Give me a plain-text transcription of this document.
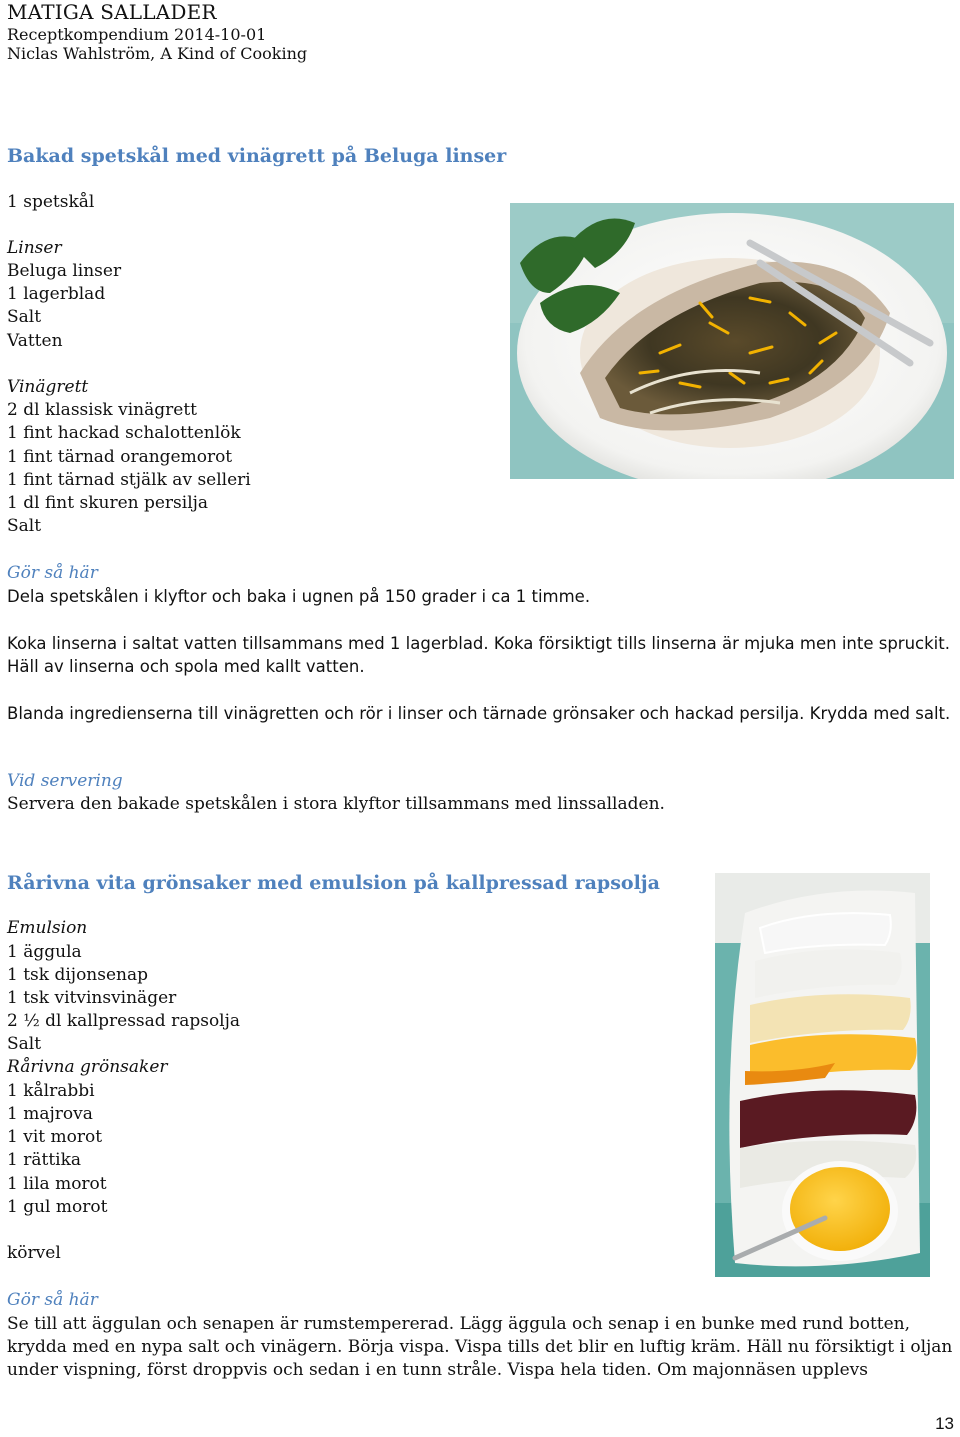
MATIGA SALLADER
Receptkompendium 2014-10-01
Niclas Wahlström, A Kind of Cooking
Bakad spetskål med vinägrett på Beluga linser
1 spetskål
Linser
Beluga linser
1 lagerblad
Salt
Vatten
Vinägrett
2 dl klassisk vinägrett
1 fint hackad schalottenlök
1 fint tärnad orangemorot
1 fint tärnad stjälk av selleri
1 dl fint skuren persilja
Salt
Gör så här
Dela spetskålen i klyftor och baka i ugnen på 150 grader i ca 1 timme.
Koka linserna i saltat vatten tillsammans med 1 lagerblad. Koka försiktigt tills linserna är mjuka men inte spruckit. Häll av linserna och spola med kallt vatten.
Blanda ingredienserna till vinägretten och rör i linser och tärnade grönsaker och hackad persilja. Krydda med salt.
Vid servering
Servera den bakade spetskålen i stora klyftor tillsammans med linssalladen.
Rårivna vita grönsaker med emulsion på kallpressad rapsolja
Emulsion
1 äggula
1 tsk dijonsenap
1 tsk vitvinsvinäger
2 ½ dl kallpressad rapsolja
Salt
Rårivna grönsaker
1 kålrabbi
1 majrova
1 vit morot
1 rättika
1 lila morot
1 gul morot
körvel
Gör så här
Se till att äggulan och senapen är rumstempererad. Lägg äggula och senap i en bunke med rund botten, krydda med en nypa salt och vinägern. Börja vispa. Vispa tills det blir en luftig kräm. Häll nu försiktigt i oljan under vispning, först droppvis och sedan i en tunn stråle. Vispa hela tiden. Om majonnäsen upplevs
13
